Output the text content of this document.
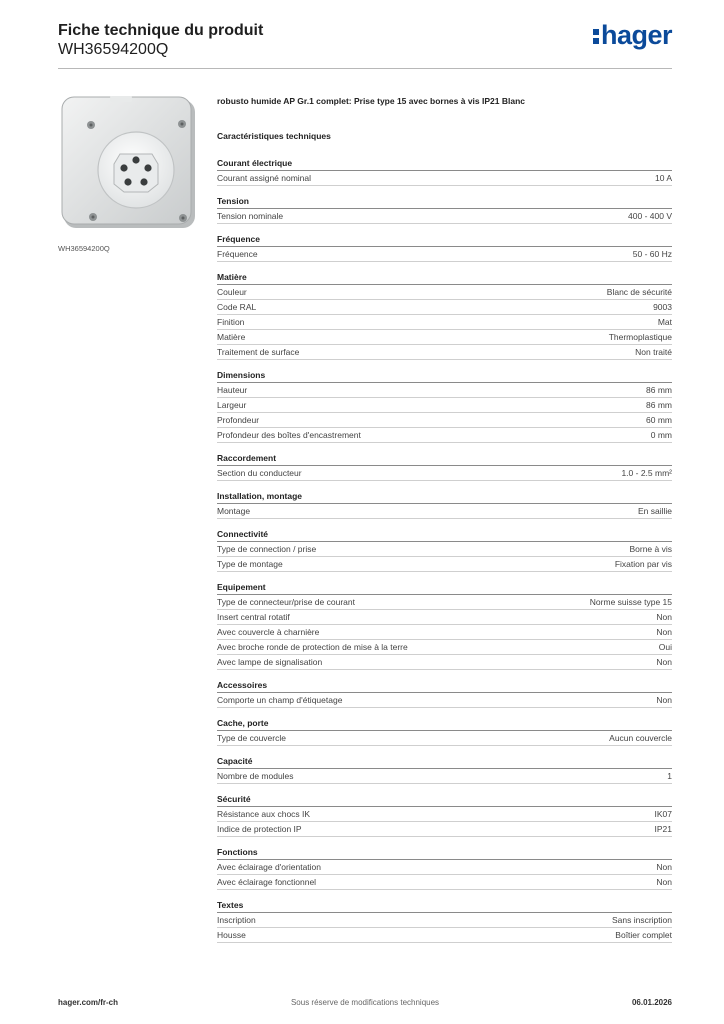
Fiche technique du produit
WH36594200Q	hager
WH36594200Q
robusto humide AP Gr.1 complet: Prise type 15 avec bornes à vis IP21 Blanc
Caractéristiques techniques
Courant électrique
Courant assigné nominal	10 A
Tension
Tension nominale	400 - 400 V
Fréquence
Fréquence	50 - 60 Hz
Matière
Couleur	Blanc de sécurité
Code RAL	9003
Finition	Mat
Matière	Thermoplastique
Traitement de surface	Non traité
Dimensions
Hauteur	86 mm
Largeur	86 mm
Profondeur	60 mm
Profondeur des boîtes d'encastrement	0 mm
Raccordement
Section du conducteur	1.0 - 2.5 mm²
Installation, montage
Montage	En saillie
Connectivité
Type de connection / prise	Borne à vis
Type de montage	Fixation par vis
Equipement
Type de connecteur/prise de courant	Norme suisse type 15
Insert central rotatif	Non
Avec couvercle à charnière	Non
Avec broche ronde de protection de mise à la terre	Oui
Avec lampe de signalisation	Non
Accessoires
Comporte un champ d'étiquetage	Non
Cache, porte
Type de couvercle	Aucun couvercle
Capacité
Nombre de modules	1
Sécurité
Résistance aux chocs IK	IK07
Indice de protection IP	IP21
Fonctions
Avec éclairage d'orientation	Non
Avec éclairage fonctionnel	Non
Textes
Inscription	Sans inscription
Housse	Boîtier complet
hager.com/fr-ch	Sous réserve de modifications techniques	06.01.2026
